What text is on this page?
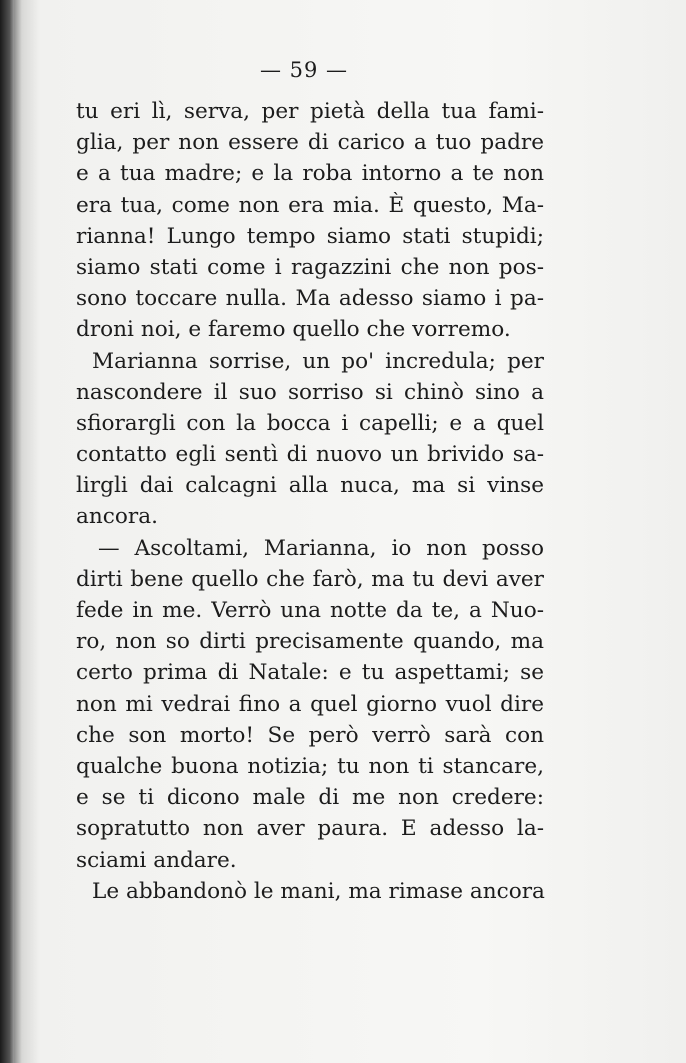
— 59 —
tu eri lì, serva, per pietà della tua fami-
glia, per non essere di carico a tuo padre
e a tua madre; e la roba intorno a te non
era tua, come non era mia. È questo, Ma-
rianna! Lungo tempo siamo stati stupidi;
siamo stati come i ragazzini che non pos-
sono toccare nulla. Ma adesso siamo i pa-
droni noi, e faremo quello che vorremo.
Marianna sorrise, un po' incredula; per
nascondere il suo sorriso si chinò sino a
sfiorargli con la bocca i capelli; e a quel
contatto egli sentì di nuovo un brivido sa-
lirgli dai calcagni alla nuca, ma si vinse
ancora.
— Ascoltami, Marianna, io non posso
dirti bene quello che farò, ma tu devi aver
fede in me. Verrò una notte da te, a Nuo-
ro, non so dirti precisamente quando, ma
certo prima di Natale: e tu aspettami; se
non mi vedrai fino a quel giorno vuol dire
che son morto! Se però verrò sarà con
qualche buona notizia; tu non ti stancare,
e se ti dicono male di me non credere:
sopratutto non aver paura. E adesso la-
sciami andare.
Le abbandonò le mani, ma rimase ancora
